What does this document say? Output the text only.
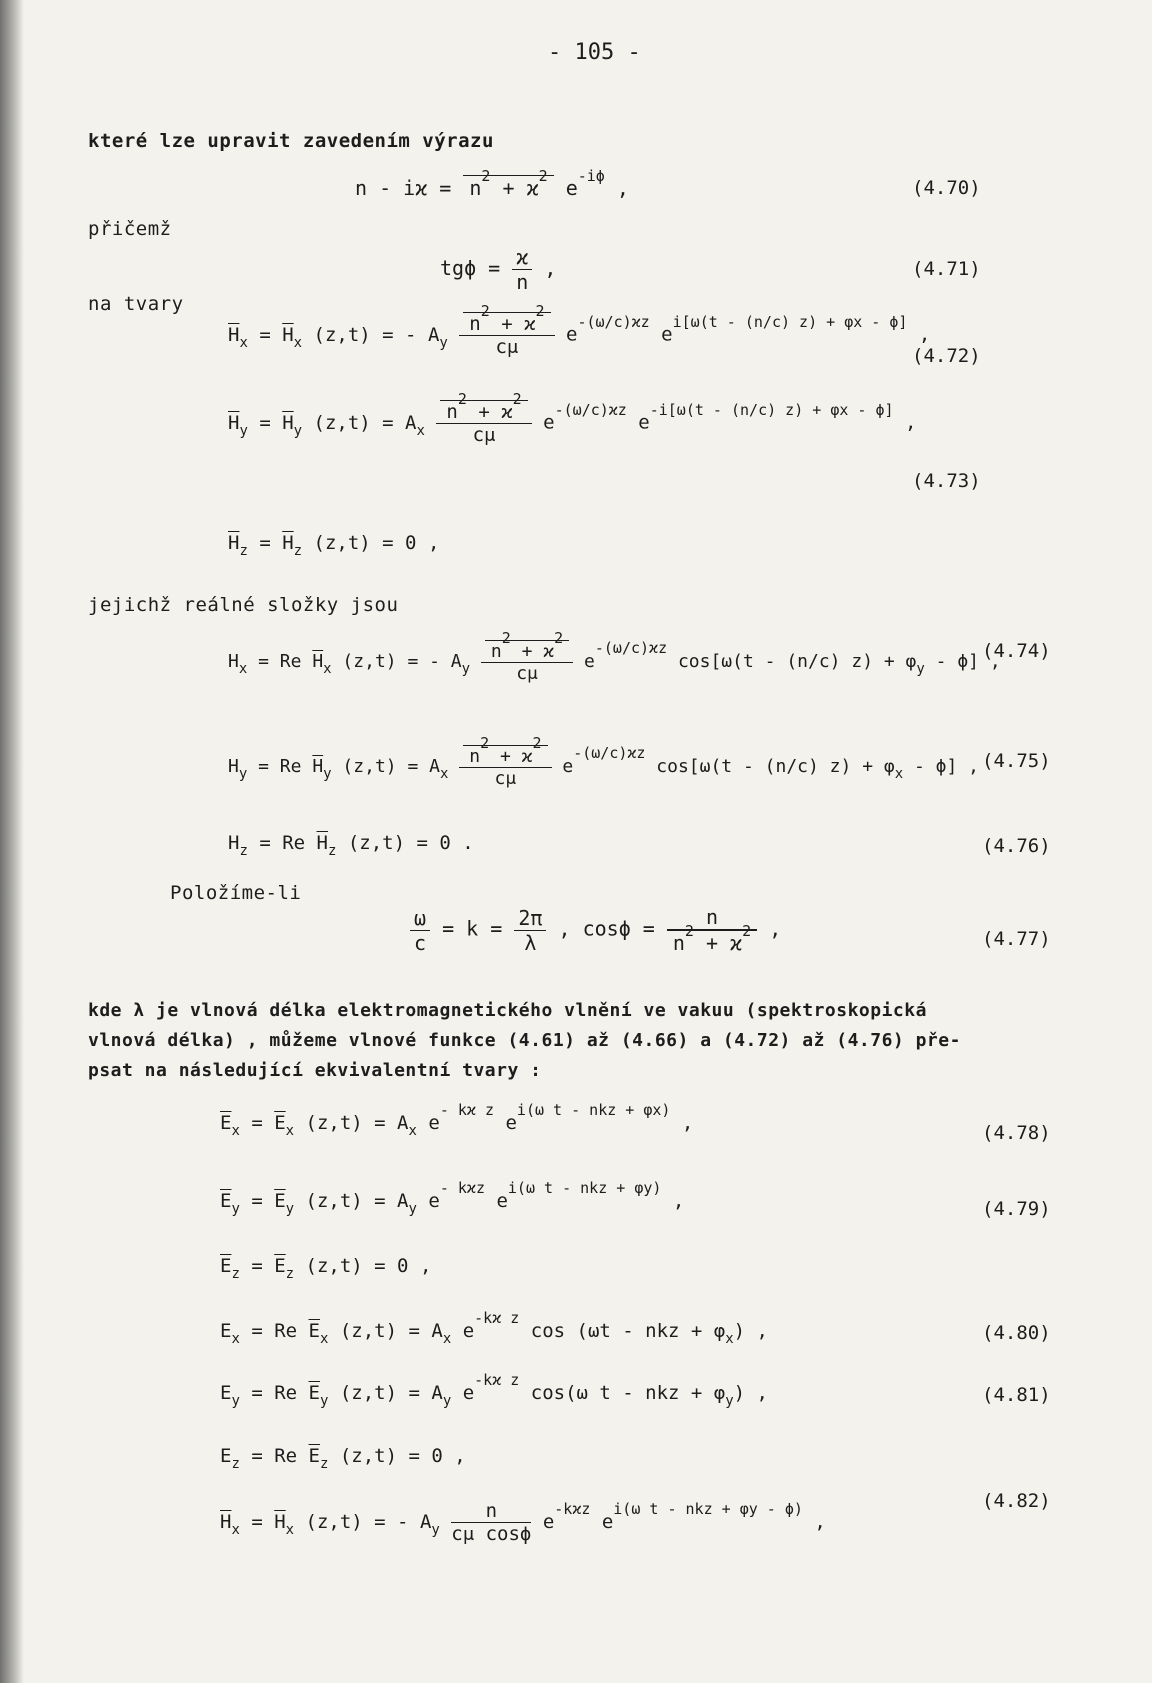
- 105 -
které lze upravit zavedením výrazu
$n - iϰ = n^2 + ϰ^2$ $e^{-i\phi}$ ,	(4.70)
přičemž
$tg\phi = \frac{ϰ}{n}$ ,	(4.71)
na tvary
$\overline{H}_x = \overline{H}_x$ (z,t) = - $A_y \frac{n^2 + ϰ^2}{c\mu} e^{-(\omega/c)ϰz}$ $e^{i[\omega(t - (n/c) z) + \varphi x - \phi]}$ ,
(4.72)
$\overline{H}_y = \overline{H}_y$ $(z,t) = A_x \frac{n^2 + ϰ^2}{c\mu} e^{-(\omega/c)ϰz}$ $e^{-i[\omega(t - (n/c) z) + \varphi x - \phi]}$ ,
(4.73)
$\overline{H}_z = \overline{H}_z$ (z,t) = 0 ,
jejichž reálné složky jsou
$H_x = Re$ $\overline{H}_x$ (z,t) = - $A_y \frac{n^2 + ϰ^2}{c\mu} e^{-(\omega/c)ϰz}$ cos[ω(t - (n/c) $z) + \varphi_y - \phi$] ,
(4.74)
$H_y = Re$ $\overline{H}_y$ $(z,t) = A_x \frac{n^2 + ϰ^2}{c\mu} e^{-(\omega/c)ϰz}$ cos[ω(t - (n/c) $z) + \varphi_x - \phi$] , (4.75)
$H_z = Re$ $\overline{H}_z$ (z,t) = 0 .	(4.76)
Položíme-li
$\frac{\omega}{c} = k = \frac{2\pi}{\lambda}$ , $\cos\phi = \frac{n}{n^2 + ϰ^2}$ ,	(4.77)
kde λ je vlnová délka elektromagnetického vlnění ve vakuu (spektroskopická
vlnová délka) , můžeme vlnové funkce (4.61) až (4.66) a (4.72) až (4.76) pře-
psat na následující ekvivalentní tvary :
$\overline{E}_x = \overline{E}_x$ $(z,t) = A_x$ $e^{- kϰ z}$ $e^{i(\omega t - nkz + \varphi x)}$ ,	(4.78)
$\overline{E}_y = \overline{E}_y$ $(z,t) = A_y$ $e^{- kϰz}$ $e^{i(\omega t - nkz + \varphi y)}$ ,	(4.79)
$\overline{E}_z = \overline{E}_z$ (z,t) = 0 ,
$E_x = Re$ $\overline{E}_x$ $(z,t) = A_x$ $e^{-kϰ z}$ cos (ωt - nkz + $\varphi_x$) ,	(4.80)
$E_y = Re$ $\overline{E}_y$ $(z,t) = A_y$ $e^{-kϰ z}$ cos(ω t - nkz + $\varphi_y$) ,	(4.81)
$E_z = Re$ $\overline{E}_z$ (z,t) = 0 ,
$\overline{H}_x = \overline{H}_x$ (z,t) = - $A_y \frac{n}{\text{cμ cosϕ}} e^{-kϰz}$ $e^{i(\omega t - nkz + \varphi y - \phi)}$ ,
(4.82)
